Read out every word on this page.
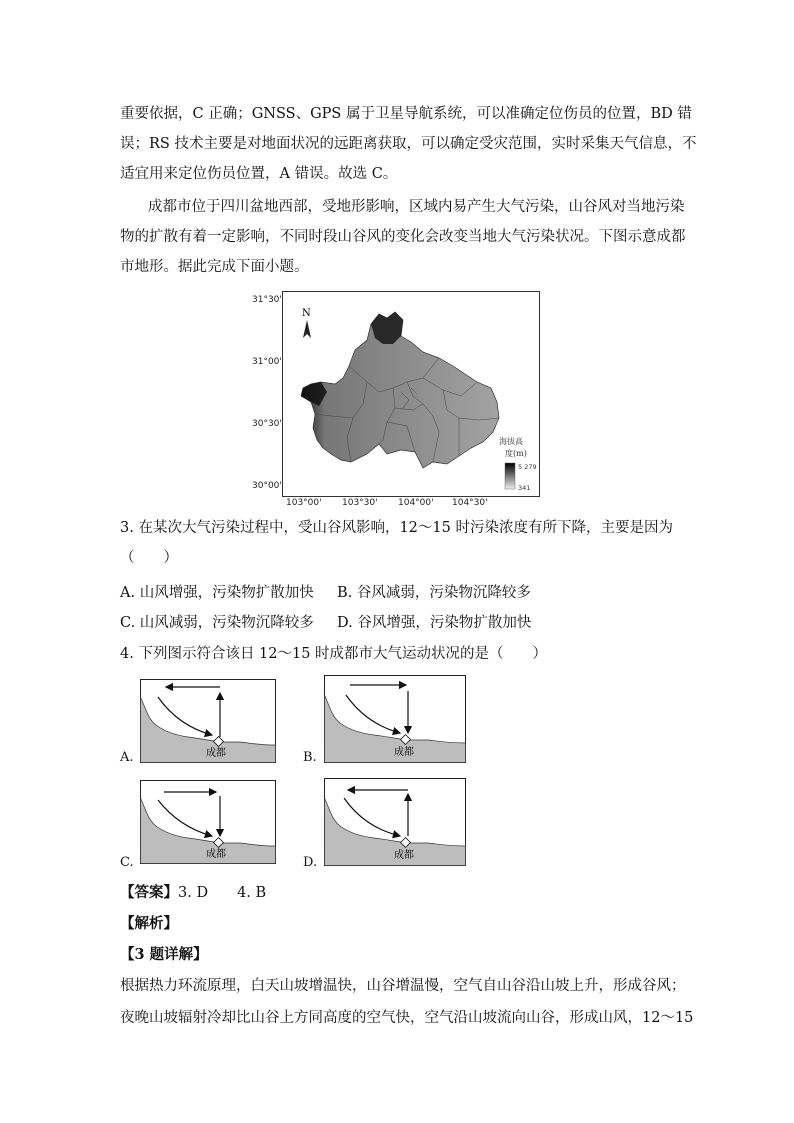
重要依据，C 正确；GNSS、GPS 属于卫星导航系统，可以准确定位伤员的位置，BD 错
误；RS 技术主要是对地面状况的远距离获取，可以确定受灾范围，实时采集天气信息，不
适宜用来定位伤员位置，A 错误。故选 C。
成都市位于四川盆地西部，受地形影响，区域内易产生大气污染，山谷风对当地污染
物的扩散有着一定影响，不同时段山谷风的变化会改变当地大气污染状况。下图示意成都
市地形。据此完成下面小题。
31°30'
31°00'
30°30'
30°00'
103°00' 103°30' 104°00' 104°30'
N
海拔高
度(m)
5 279
341
3. 在某次大气污染过程中，受山谷风影响，12～15 时污染浓度有所下降，主要是因为
（　　）
A. 山风增强，污染物扩散加快 B. 谷风减弱，污染物沉降较多
C. 山风减弱，污染物沉降较多 D. 谷风增强，污染物扩散加快
4. 下列图示符合该日 12～15 时成都市大气运动状况的是（　　）
成都
A.	成都
B.
成都
C.	成都
D.
【答案】3. D　　4. B
【解析】
【3 题详解】
根据热力环流原理，白天山坡增温快，山谷增温慢，空气自山谷沿山坡上升，形成谷风；
夜晚山坡辐射冷却比山谷上方同高度的空气快，空气沿山坡流向山谷，形成山风，12～15
